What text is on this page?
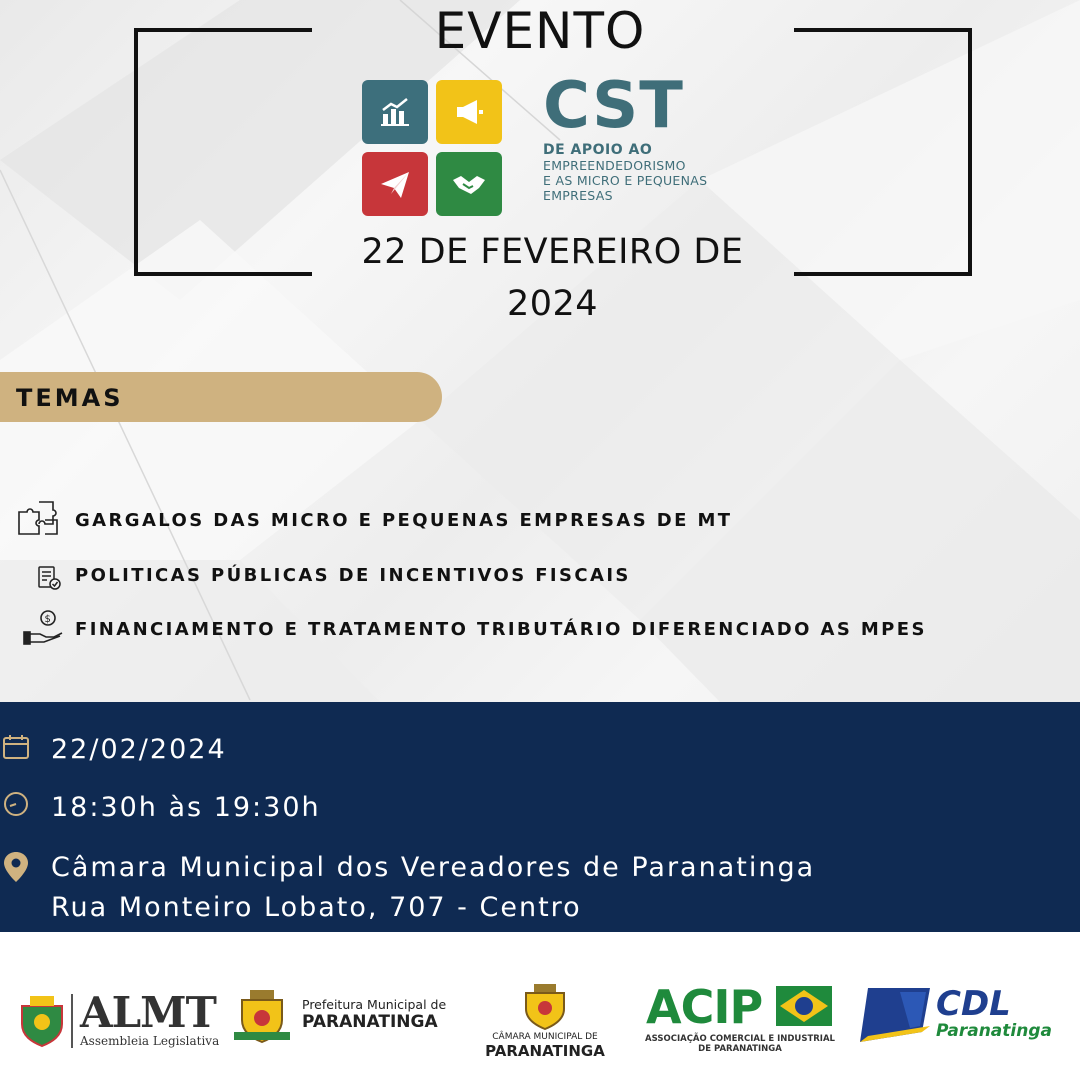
EVENTO
CST
DE APOIO AO
EMPREENDEDORISMO
E AS MICRO E PEQUENAS
EMPRESAS
22 DE FEVEREIRO DE
2024
TEMAS
GARGALOS DAS MICRO E PEQUENAS EMPRESAS DE MT
POLITICAS PÚBLICAS DE INCENTIVOS FISCAIS
$ FINANCIAMENTO E TRATAMENTO TRIBUTÁRIO DIFERENCIADO AS MPES
22/02/2024
18:30h às 19:30h
Câmara Municipal dos Vereadores de Paranatinga
Rua Monteiro Lobato, 707 - Centro
ALMT
Assembleia Legislativa
Prefeitura Municipal de
PARANATINGA
CÂMARA MUNICIPAL DE
PARANATINGA
ACIP
ASSOCIAÇÃO COMERCIAL E INDUSTRIAL
DE PARANATINGA
CDL
Paranatinga
